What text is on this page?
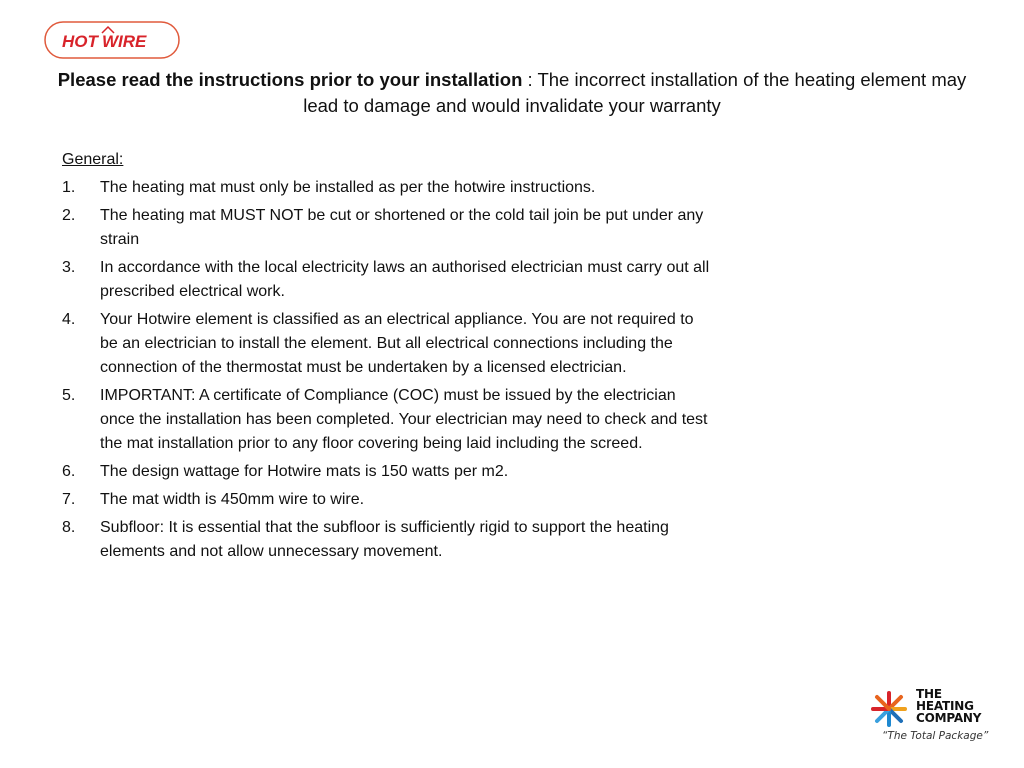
HOT WIRE
Please read the instructions prior to your installation : The incorrect installation of the heating element may lead to damage and would invalidate your warranty
General:
1. The heating mat must only be installed as per the hotwire instructions.
2. The heating mat MUST NOT be cut or shortened or the cold tail join be put under any strain
3. In accordance with the local electricity laws an authorised electrician must carry out all prescribed electrical work.
4. Your Hotwire element is classified as an electrical appliance. You are not required to be an electrician to install the element. But all electrical connections including the connection of the thermostat must be undertaken by a licensed electrician.
5. IMPORTANT: A certificate of Compliance (COC) must be issued by the electrician once the installation has been completed. Your electrician may need to check and test the mat installation prior to any floor covering being laid including the screed.
6. The design wattage for Hotwire mats is 150 watts per m2.
7. The mat width is 450mm wire to wire.
8. Subfloor: It is essential that the subfloor is sufficiently rigid to support the heating elements and not allow unnecessary movement.
THE
HEATING
COMPANY
“The Total Package”
